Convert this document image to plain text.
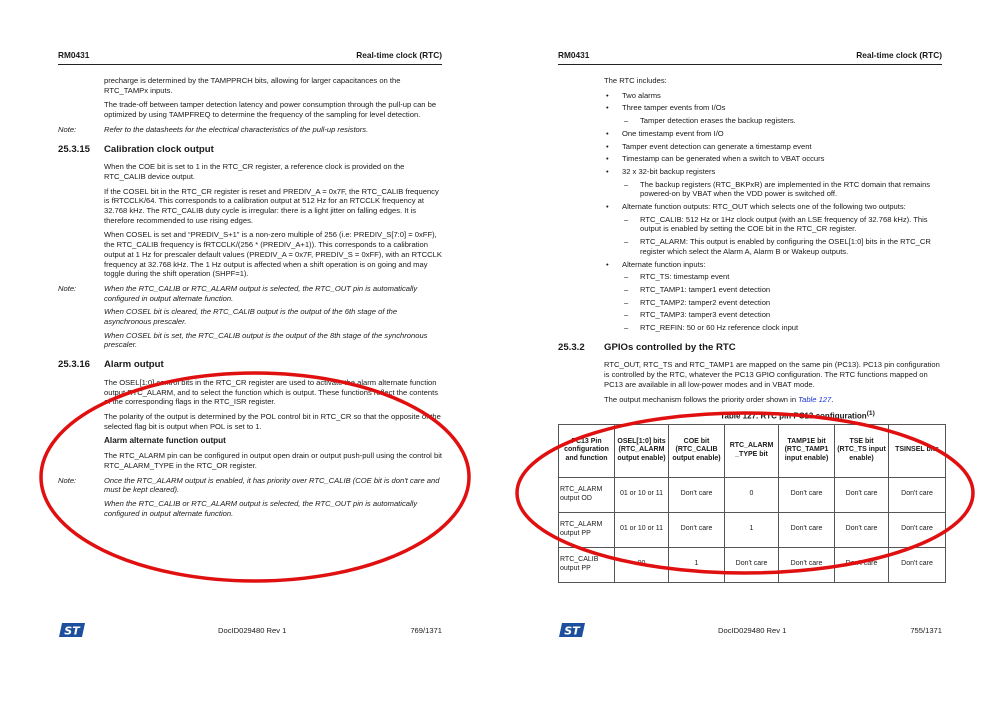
RM0431	Real-time clock (RTC)

precharge is determined by the TAMPPRCH bits, allowing for larger capacitances on the RTC_TAMPx inputs.

The trade-off between tamper detection latency and power consumption through the pull-up can be optimized by using TAMPFREQ to determine the frequency of the sampling for level detection.

Note:	Refer to the datasheets for the electrical characteristics of the pull-up resistors.
25.3.15	Calibration clock output

When the COE bit is set to 1 in the RTC_CR register, a reference clock is provided on the RTC_CALIB device output.

If the COSEL bit in the RTC_CR register is reset and PREDIV_A = 0x7F, the RTC_CALIB frequency is fRTCCLK/64. This corresponds to a calibration output at 512 Hz for an RTCCLK frequency at 32.768 kHz. The RTC_CALIB duty cycle is irregular: there is a light jitter on falling edges. It is therefore recommended to use rising edges.

When COSEL is set and “PREDIV_S+1” is a non-zero multiple of 256 (i.e: PREDIV_S[7:0] = 0xFF), the RTC_CALIB frequency is fRTCCLK/(256 * (PREDIV_A+1)). This corresponds to a calibration output at 1 Hz for prescaler default values (PREDIV_A = 0x7F, PREDIV_S = 0xFF), with an RTCCLK frequency at 32.768 kHz. The 1 Hz output is affected when a shift operation is on going and may toggle during the shift operation (SHPF=1).

Note:	When the RTC_CALIB or RTC_ALARM output is selected, the RTC_OUT pin is automatically configured in output alternate function.

When COSEL bit is cleared, the RTC_CALIB output is the output of the 6th stage of the asynchronous prescaler.

When COSEL bit is set, the RTC_CALIB output is the output of the 8th stage of the synchronous prescaler.

25.3.16	Alarm output

The OSEL[1:0] control bits in the RTC_CR register are used to activate the alarm alternate function output RTC_ALARM, and to select the function which is output. These functions reflect the contents of the corresponding flags in the RTC_ISR register.

The polarity of the output is determined by the POL control bit in RTC_CR so that the opposite of the selected flag bit is output when POL is set to 1.

Alarm alternate function output

The RTC_ALARM pin can be configured in output open drain or output push-pull using the control bit RTC_ALARM_TYPE in the RTC_OR register.

Note:	Once the RTC_ALARM output is enabled, it has priority over RTC_CALIB (COE bit is don't care and must be kept cleared).

When the RTC_CALIB or RTC_ALARM output is selected, the RTC_OUT pin is automatically configured in output alternate function.

ST	DocID029480 Rev 1	769/1371
RM0431	Real-time clock (RTC)

The RTC includes:

• Two alarms
• Three tamper events from I/Os
– Tamper detection erases the backup registers.
• One timestamp event from I/O
• Tamper event detection can generate a timestamp event
• Timestamp can be generated when a switch to VBAT occurs
• 32 x 32-bit backup registers
– The backup registers (RTC_BKPxR) are implemented in the RTC domain that remains powered-on by VBAT when the VDD power is switched off.
• Alternate function outputs: RTC_OUT which selects one of the following two outputs:
– RTC_CALIB: 512 Hz or 1Hz clock output (with an LSE frequency of 32.768 kHz). This output is enabled by setting the COE bit in the RTC_CR register.
– RTC_ALARM: This output is enabled by configuring the OSEL[1:0] bits in the RTC_CR register which select the Alarm A, Alarm B or Wakeup outputs.
• Alternate function inputs:
– RTC_TS: timestamp event
– RTC_TAMP1: tamper1 event detection
– RTC_TAMP2: tamper2 event detection
– RTC_TAMP3: tamper3 event detection
– RTC_REFIN: 50 or 60 Hz reference clock input
25.3.2	GPIOs controlled by the RTC

RTC_OUT, RTC_TS and RTC_TAMP1 are mapped on the same pin (PC13). PC13 pin configuration is controlled by the RTC, whatever the PC13 GPIO configuration. The RTC functions mapped on PC13 are available in all low-power modes and in VBAT mode.

The output mechanism follows the priority order shown in Table 127.

Table 127. RTC pin PC13 configuration$^{(1)}$
PC13 Pin configuration and function	OSEL[1:0] bits (RTC_ALARM output enable)	COE bit (RTC_CALIB output enable)	RTC_ALARM _TYPE bit	TAMP1E bit (RTC_TAMP1 input enable)	TSE bit (RTC_TS input enable)	TSINSEL bits
RTC_ALARM output OD	01 or 10 or 11	Don't care	0	Don't care	Don't care	Don't care
RTC_ALARM output PP	01 or 10 or 11	Don't care	1	Don't care	Don't care	Don't care
RTC_CALIB output PP	00	1	Don't care	Don't care	Don't care	Don't care
ST	DocID029480 Rev 1	755/1371
